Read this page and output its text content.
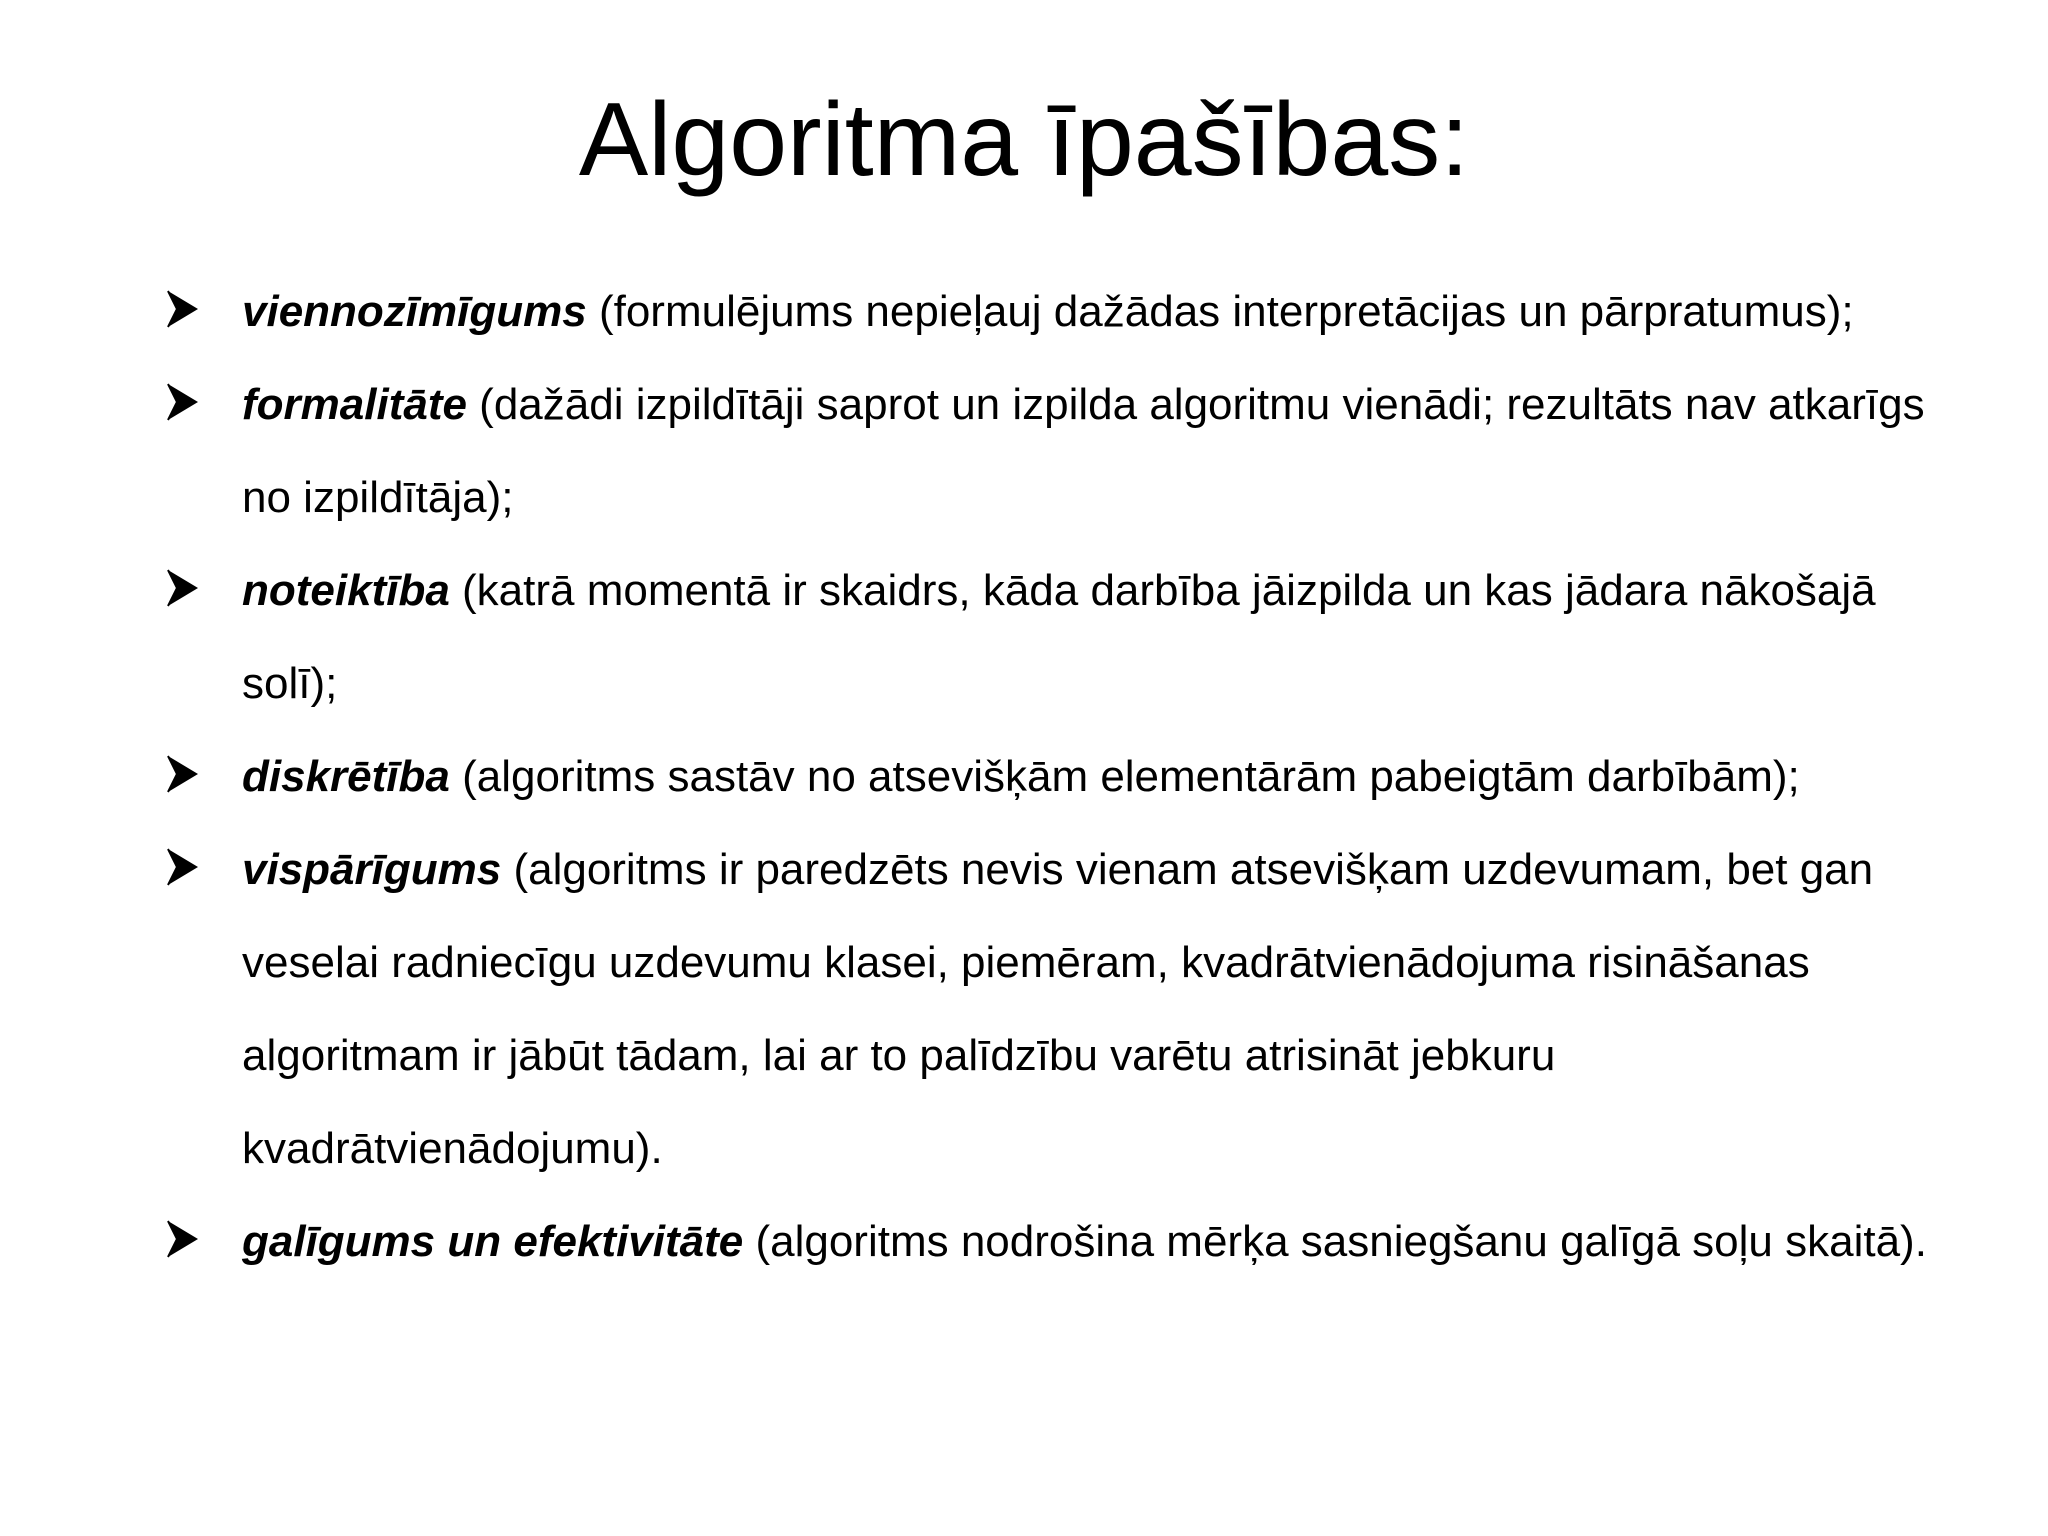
Algoritma īpašības:
viennozīmīgums (formulējums nepieļauj dažādas interpretācijas un pārpratumus);
formalitāte (dažādi izpildītāji saprot un izpilda algoritmu vienādi; rezultāts nav atkarīgs no izpildītāja);
noteiktība (katrā momentā ir skaidrs, kāda darbība jāizpilda un kas jādara nākošajā solī);
diskrētība (algoritms sastāv no atsevišķām elementārām pabeigtām darbībām);
vispārīgums (algoritms ir paredzēts nevis vienam atsevišķam uzdevumam, bet gan veselai radniecīgu uzdevumu klasei, piemēram, kvadrātvienādojuma risināšanas algoritmam ir jābūt tādam, lai ar to palīdzību varētu atrisināt jebkuru kvadrātvienādojumu).
galīgums un efektivitāte (algoritms nodrošina mērķa sasniegšanu galīgā soļu skaitā).
